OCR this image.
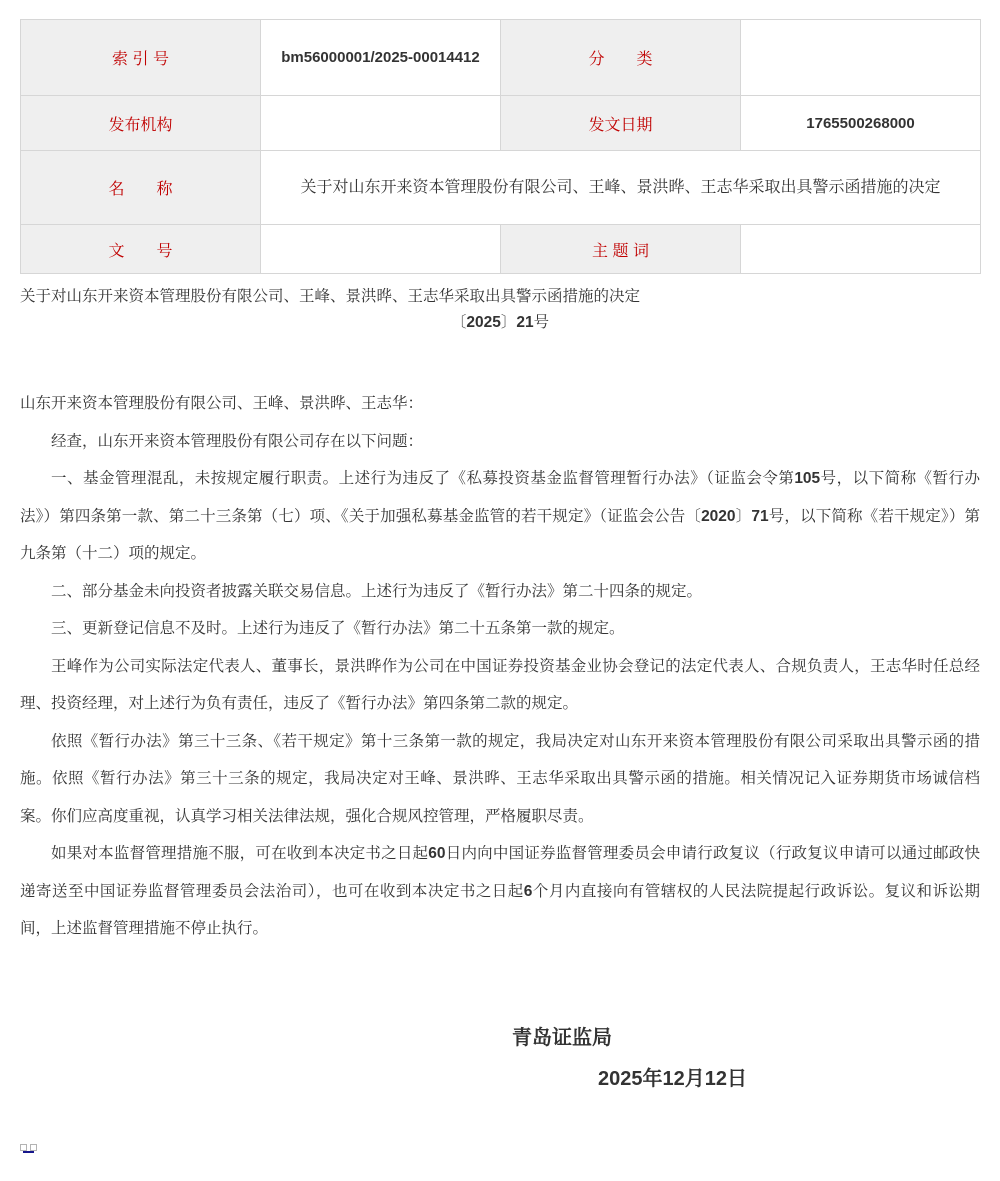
索 引 号	bm56000001/2025-00014412	分　　类	
发布机构		发文日期	1765500268000
名　　称	关于对山东开来资本管理股份有限公司、王峰、景洪晔、王志华采取出具警示函措施的决定		
文　　号		主 题 词	
关于对山东开来资本管理股份有限公司、王峰、景洪晔、王志华采取出具警示函措施的决定
〔2025〕21号

山东开来资本管理股份有限公司、王峰、景洪晔、王志华：

经查，山东开来资本管理股份有限公司存在以下问题：

一、基金管理混乱，未按规定履行职责。上述行为违反了《私募投资基金监督管理暂行办法》（证监会令第105号，以下简称《暂行办法》）第四条第一款、第二十三条第（七）项、《关于加强私募基金监管的若干规定》（证监会公告〔2020〕71号，以下简称《若干规定》）第九条第（十二）项的规定。

二、部分基金未向投资者披露关联交易信息。上述行为违反了《暂行办法》第二十四条的规定。

三、更新登记信息不及时。上述行为违反了《暂行办法》第二十五条第一款的规定。

王峰作为公司实际法定代表人、董事长，景洪晔作为公司在中国证券投资基金业协会登记的法定代表人、合规负责人，王志华时任总经理、投资经理，对上述行为负有责任，违反了《暂行办法》第四条第二款的规定。

依照《暂行办法》第三十三条、《若干规定》第十三条第一款的规定，我局决定对山东开来资本管理股份有限公司采取出具警示函的措施。依照《暂行办法》第三十三条的规定，我局决定对王峰、景洪晔、王志华采取出具警示函的措施。相关情况记入证券期货市场诚信档案。你们应高度重视，认真学习相关法律法规，强化合规风控管理，严格履职尽责。

如果对本监督管理措施不服，可在收到本决定书之日起60日内向中国证券监督管理委员会申请行政复议（行政复议申请可以通过邮政快递寄送至中国证券监督管理委员会法治司），也可在收到本决定书之日起6个月内直接向有管辖权的人民法院提起行政诉讼。复议和诉讼期间，上述监督管理措施不停止执行。

青岛证监局
2025年12月12日
